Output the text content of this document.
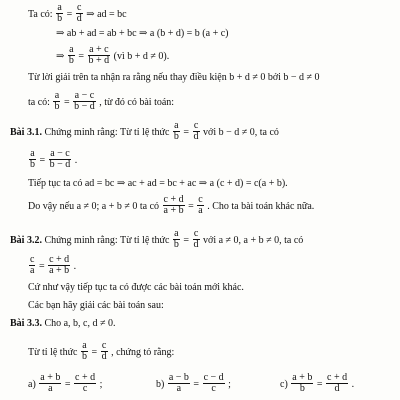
Ta có: $\frac{a}{b} = \frac{c}{d}$ ⇒ ad = bc
⇒ ab + ad = ab + bc ⇒ a (b + d) = b (a + c)
⇒ $\frac{a}{b} = \frac{a + c}{b + d}$ (vì b + d ≠ 0).
Từ lời giải trên ta nhận ra rằng nếu thay điều kiện b + d ≠ 0 bởi b − d ≠ 0
ta có: $\frac{a}{b} = \frac{a - c}{b - d}$ , từ đó có bài toán:
Bài 3.1. Chứng minh rằng: Từ tỉ lệ thức $\frac{a}{b} = \frac{c}{d}$ với b − d ≠ 0, ta có
$\frac{a}{b} = \frac{a - c}{b - d}$ .
Tiếp tục ta có ad = bc ⇒ ac + ad = bc + ac ⇒ a (c + d) = c(a + b).
Do vậy nếu a ≠ 0; a + b ≠ 0 ta có $\frac{c + d}{a + b} = \frac{c}{a}$ . Cho ta bài toán khác nữa.
Bài 3.2. Chứng minh rằng: Từ tỉ lệ thức $\frac{a}{b} = \frac{c}{d}$ với a ≠ 0, a + b ≠ 0, ta có
$\frac{c}{a} = \frac{c + d}{a + b}$ .
Cứ như vậy tiếp tục ta có được các bài toán mới khác.
Các bạn hãy giải các bài toán sau:
Bài 3.3. Cho a, b, c, d ≠ 0.
Từ tỉ lệ thức $\frac{a}{b} = \frac{c}{d}$ , chứng tỏ rằng:
$a) \frac{a + b}{a} = \frac{c + d}{c}$ ;	$b) \frac{a - b}{a} = \frac{c - d}{c}$ ;	$c) \frac{a + b}{b} = \frac{c + d}{d}$ .
